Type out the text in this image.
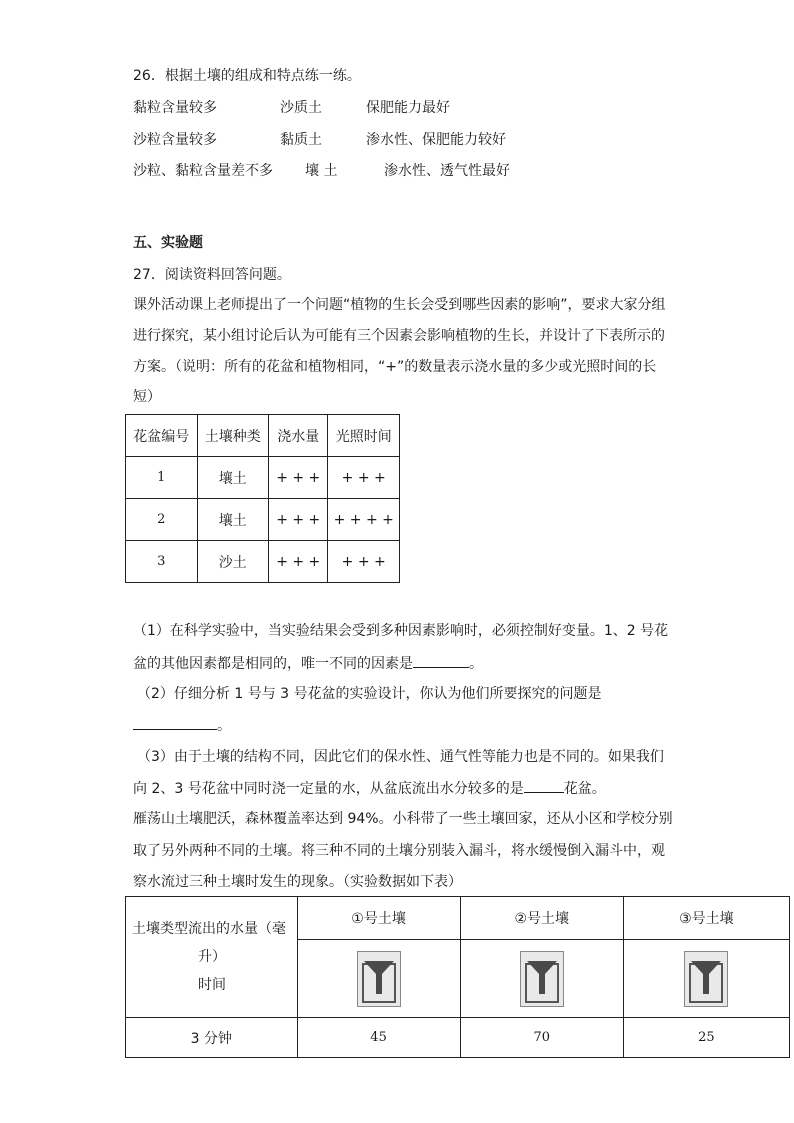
26．根据土壤的组成和特点练一练。
黏粒含量较多	沙质土	保肥能力最好
沙粒含量较多	黏质土	渗水性、保肥能力较好
沙粒、黏粒含量差不多 壤 土	渗水性、透气性最好
五、实验题
27．阅读资料回答问题。
课外活动课上老师提出了一个问题“植物的生长会受到哪些因素的影响”，要求大家分组
进行探究，某小组讨论后认为可能有三个因素会影响植物的生长，并设计了下表所示的
方案。（说明：所有的花盆和植物相同，“+”的数量表示浇水量的多少或光照时间的长
短）
花盆编号	土壤种类	浇水量	光照时间
1	壤土	+ + +	+ + +
2	壤土	+ + +	+ + + +
3	沙土	+ + +	+ + +
（1）在科学实验中，当实验结果会受到多种因素影响时，必须控制好变量。1、2 号花
盆的其他因素都是相同的，唯一不同的因素是	。
（2）仔细分析 1 号与 3 号花盆的实验设计，你认为他们所要探究的问题是
。
（3）由于土壤的结构不同，因此它们的保水性、通气性等能力也是不同的。如果我们
向 2、3 号花盆中同时浇一定量的水，从盆底流出水分较多的是	花盆。
雁荡山土壤肥沃，森林覆盖率达到 94%。小科带了一些土壤回家，还从小区和学校分别
取了另外两种不同的土壤。将三种不同的土壤分别装入漏斗，将水缓慢倒入漏斗中，观
察水流过三种土壤时发生的现象。（实验数据如下表）
土壤类型流出的水量（毫
升）
时间	①号土壤	②号土壤	③号土壤

3 分钟	45	70	25
